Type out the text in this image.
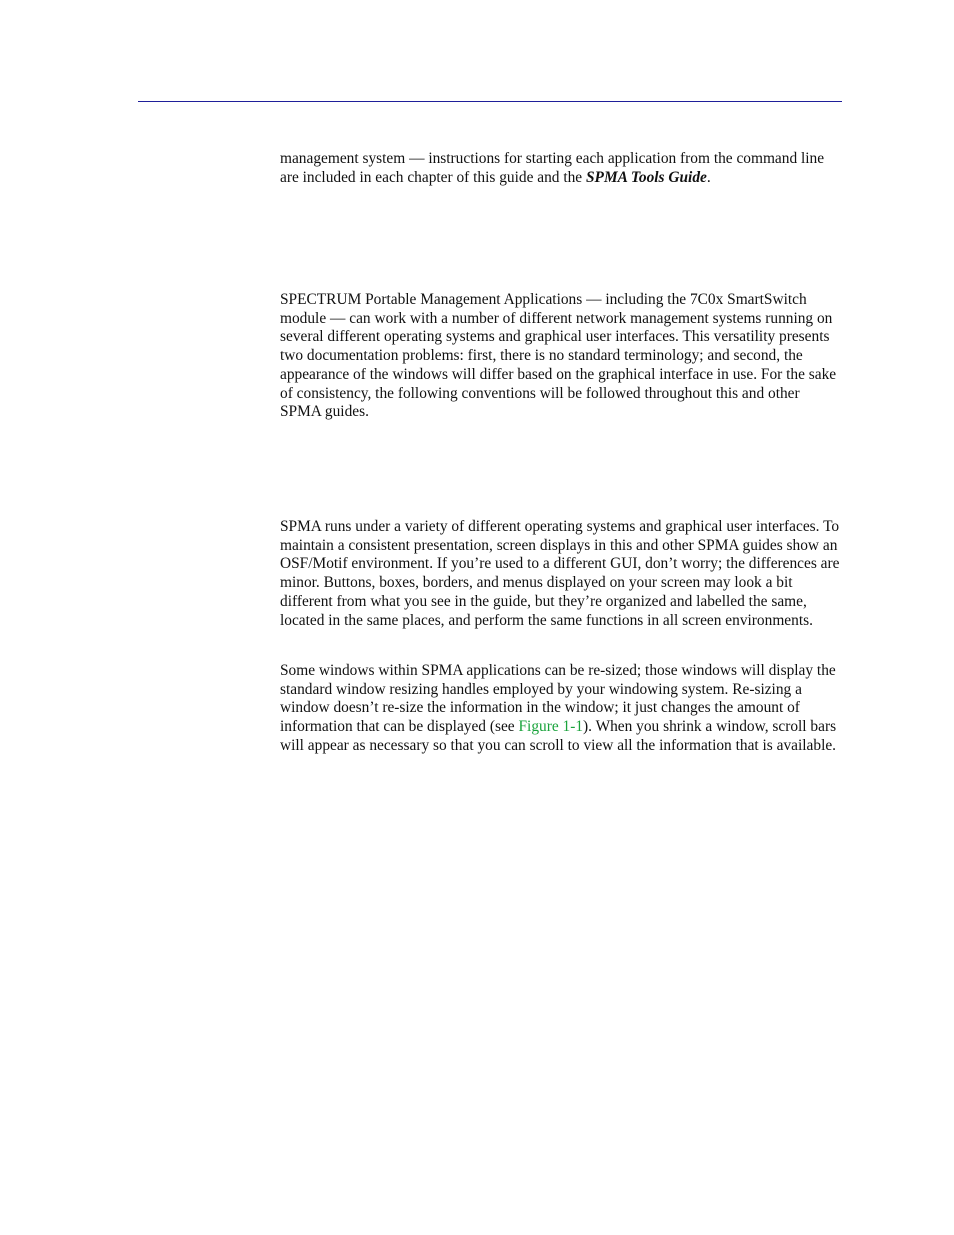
management system — instructions for starting each application from the command line are included in each chapter of this guide and the SPMA Tools Guide.

SPECTRUM Portable Management Applications — including the 7C0x SmartSwitch module — can work with a number of different network management systems running on several different operating systems and graphical user interfaces. This versatility presents two documentation problems: first, there is no standard terminology; and second, the appearance of the windows will differ based on the graphical interface in use. For the sake of consistency, the following conventions will be followed throughout this and other SPMA guides.

SPMA runs under a variety of different operating systems and graphical user interfaces. To maintain a consistent presentation, screen displays in this and other SPMA guides show an OSF/Motif environment. If you’re used to a different GUI, don’t worry; the differences are minor. Buttons, boxes, borders, and menus displayed on your screen may look a bit different from what you see in the guide, but they’re organized and labelled the same, located in the same places, and perform the same functions in all screen environments.

Some windows within SPMA applications can be re-sized; those windows will display the standard window resizing handles employed by your windowing system. Re-sizing a window doesn’t re-size the information in the window; it just changes the amount of information that can be displayed (see Figure 1-1). When you shrink a window, scroll bars will appear as necessary so that you can scroll to view all the information that is available.
